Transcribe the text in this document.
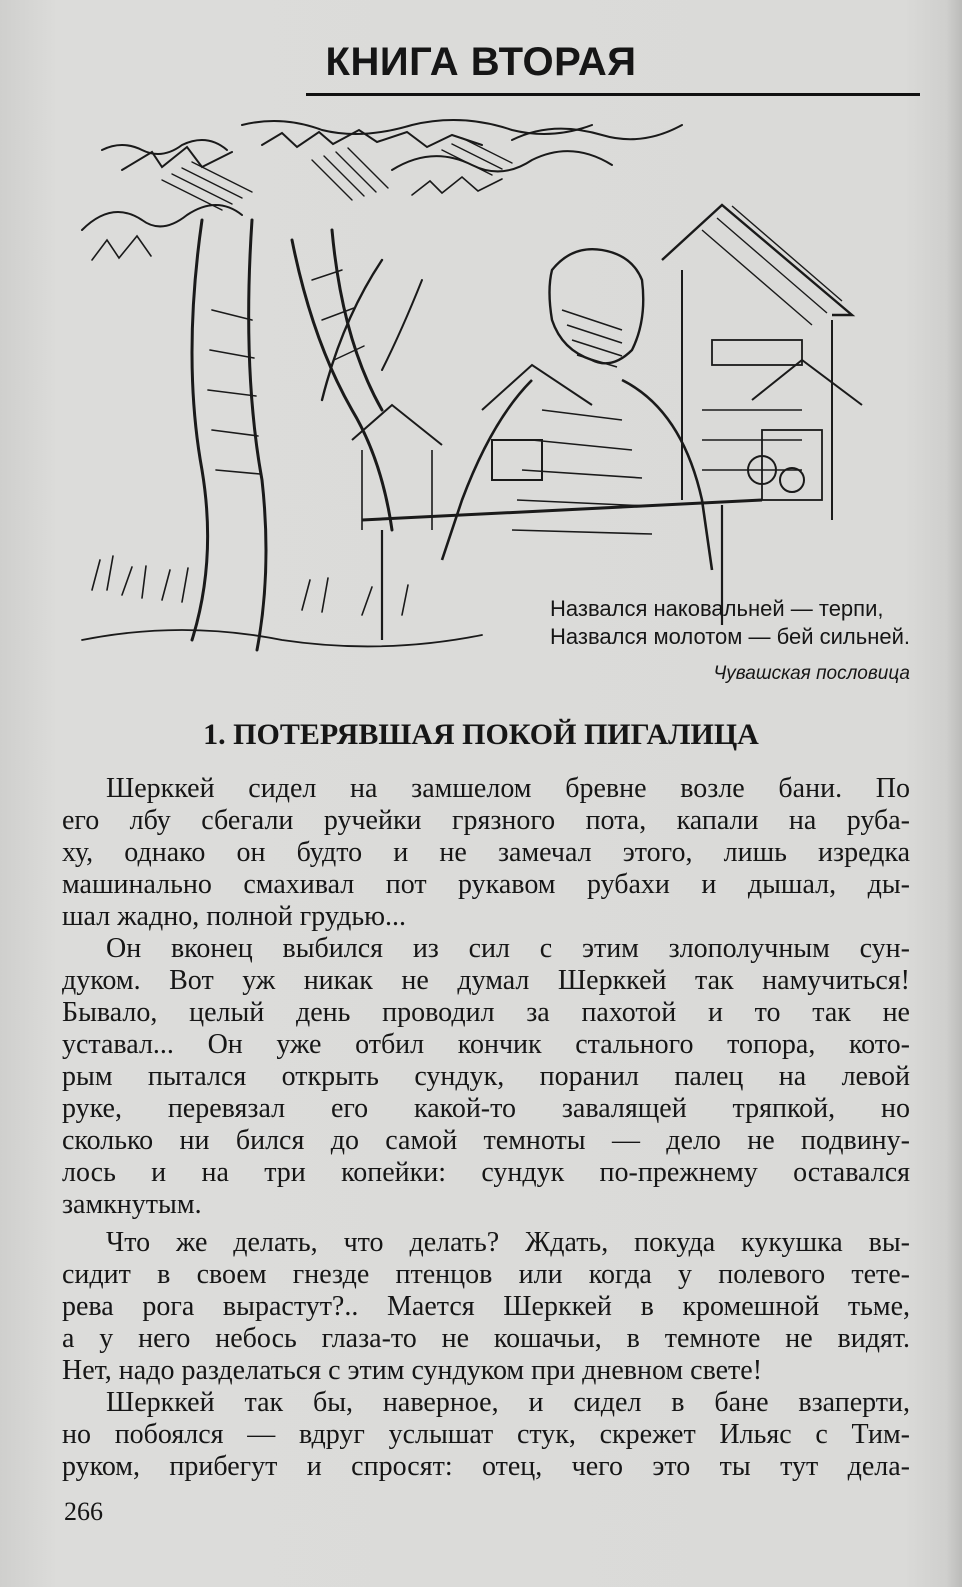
КНИГА ВТОРАЯ
Назвался наковальней — терпи,
Назвался молотом — бей сильней.
Чувашская пословица
1. ПОТЕРЯВШАЯ ПОКОЙ ПИГАЛИЦА

Шерккей сидел на замшелом бревне возле бани. По
его лбу сбегали ручейки грязного пота, капали на руба-
ху, однако он будто и не замечал этого, лишь изредка
машинально смахивал пот рукавом рубахи и дышал, ды-
шал жадно, полной грудью...

Он вконец выбился из сил с этим злополучным сун-
дуком. Вот уж никак не думал Шерккей так намучиться!
Бывало, целый день проводил за пахотой и то так не
уставал... Он уже отбил кончик стального топора, кото-
рым пытался открыть сундук, поранил палец на левой
руке, перевязал его какой-то завалящей тряпкой, но
сколько ни бился до самой темноты — дело не подвину-
лось и на три копейки: сундук по-прежнему оставался
замкнутым.

Что же делать, что делать? Ждать, покуда кукушка вы-
сидит в своем гнезде птенцов или когда у полевого тете-
рева рога вырастут?.. Мается Шерккей в кромешной тьме,
а у него небось глаза-то не кошачьи, в темноте не видят.
Нет, надо разделаться с этим сундуком при дневном свете!

Шерккей так бы, наверное, и сидел в бане взаперти,
но побоялся — вдруг услышат стук, скрежет Ильяс с Тим-
руком, прибегут и спросят: отец, чего это ты тут дела-

266
